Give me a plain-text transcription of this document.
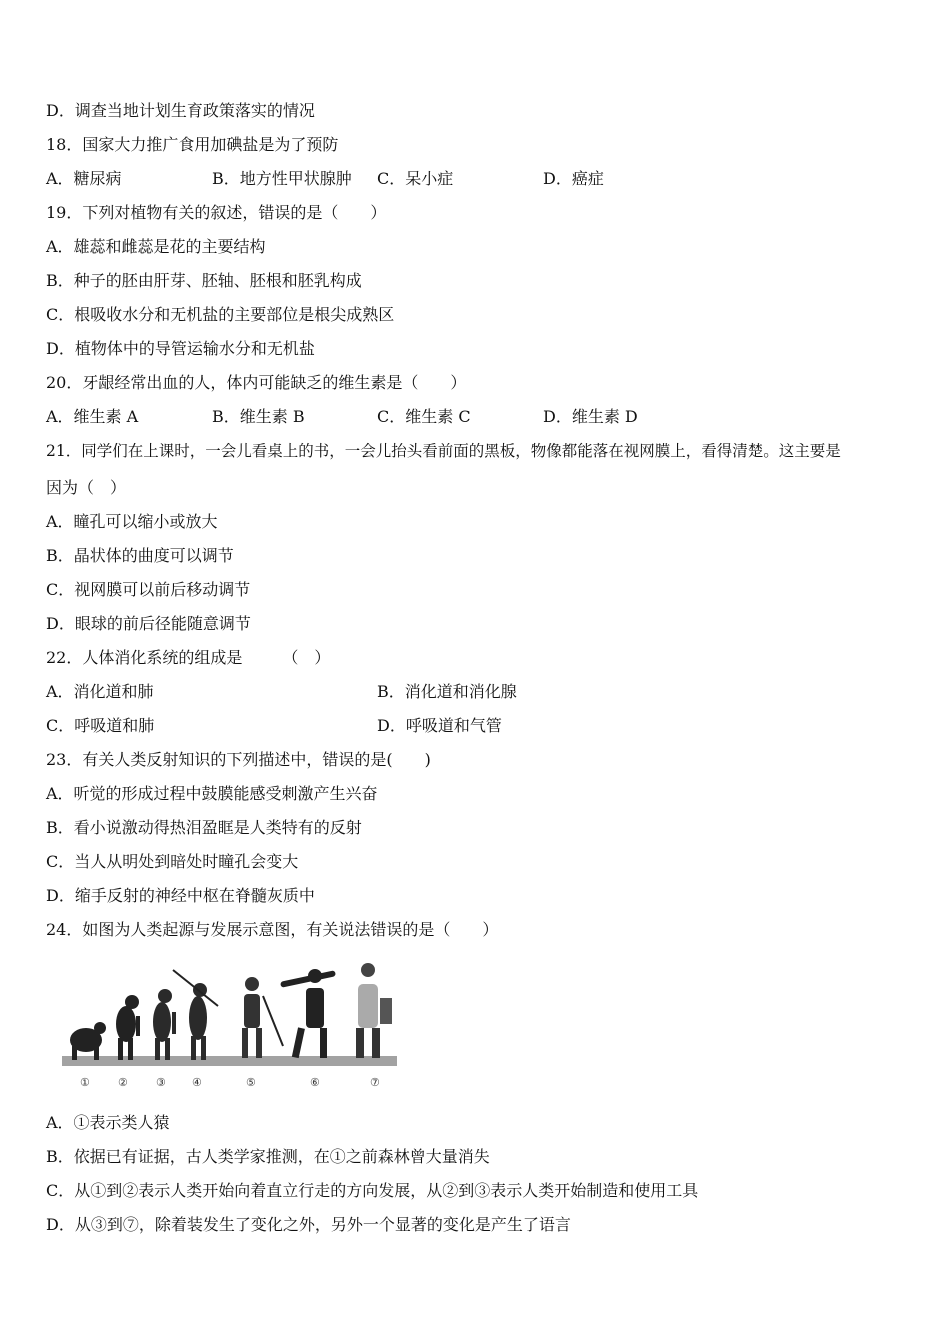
D．调查当地计划生育政策落实的情况
18．国家大力推广食用加碘盐是为了预防
A．糖尿病	B．地方性甲状腺肿 C．呆小症	D．癌症
19．下列对植物有关的叙述，错误的是（　　）
A．雄蕊和雌蕊是花的主要结构
B．种子的胚由肝芽、胚轴、胚根和胚乳构成
C．根吸收水分和无机盐的主要部位是根尖成熟区
D．植物体中的导管运输水分和无机盐
20．牙龈经常出血的人，体内可能缺乏的维生素是（　　）
A．维生素 A	B．维生素 B	C．维生素 C	D．维生素 D
21．同学们在上课时，一会儿看桌上的书，一会儿抬头看前面的黑板，物像都能落在视网膜上，看得清楚。这主要是
因为（　）
A．瞳孔可以缩小或放大
B．晶状体的曲度可以调节
C．视网膜可以前后移动调节
D．眼球的前后径能随意调节
22．人体消化系统的组成是　　　（　）
A．消化道和肺	B．消化道和消化腺
C．呼吸道和肺	D．呼吸道和气管
23．有关人类反射知识的下列描述中，错误的是(　　)
A．听觉的形成过程中鼓膜能感受刺激产生兴奋
B．看小说激动得热泪盈眶是人类特有的反射
C．当人从明处到暗处时瞳孔会变大
D．缩手反射的神经中枢在脊髓灰质中
24．如图为人类起源与发展示意图，有关说法错误的是（　　）
①	②	③ ④	⑤	⑥	⑦
A．①表示类人猿
B．依据已有证据，古人类学家推测，在①之前森林曾大量消失
C．从①到②表示人类开始向着直立行走的方向发展，从②到③表示人类开始制造和使用工具
D．从③到⑦，除着装发生了变化之外，另外一个显著的变化是产生了语言
